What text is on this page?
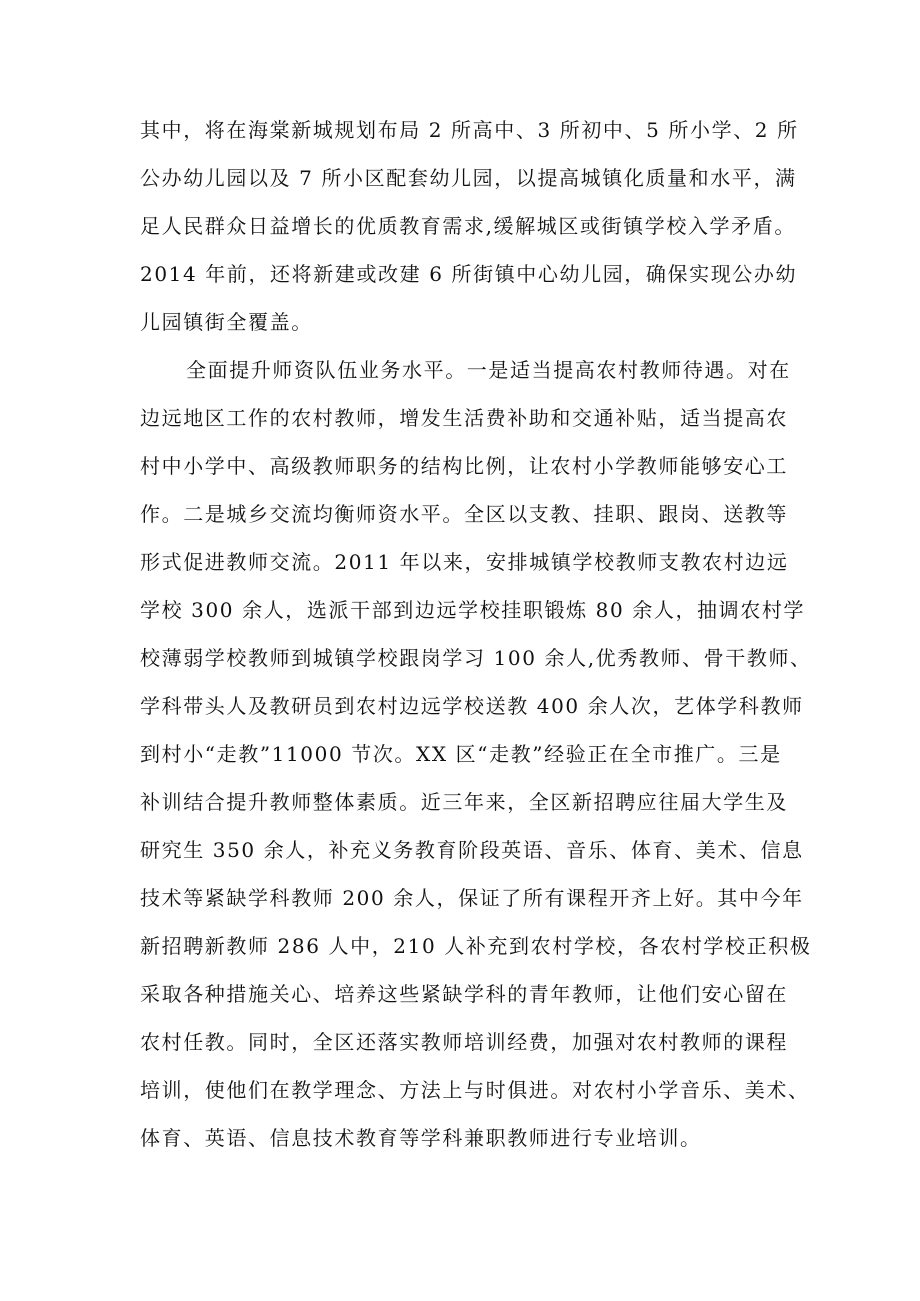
其中，将在海棠新城规划布局 2 所高中、3 所初中、5 所小学、2 所
公办幼儿园以及 7 所小区配套幼儿园，以提高城镇化质量和水平，满
足人民群众日益增长的优质教育需求,缓解城区或街镇学校入学矛盾。
2014 年前，还将新建或改建 6 所街镇中心幼儿园，确保实现公办幼
儿园镇街全覆盖。
全面提升师资队伍业务水平。一是适当提高农村教师待遇。对在
边远地区工作的农村教师，增发生活费补助和交通补贴，适当提高农
村中小学中、高级教师职务的结构比例，让农村小学教师能够安心工
作。二是城乡交流均衡师资水平。全区以支教、挂职、跟岗、送教等
形式促进教师交流。2011 年以来，安排城镇学校教师支教农村边远
学校 300 余人，选派干部到边远学校挂职锻炼 80 余人，抽调农村学
校薄弱学校教师到城镇学校跟岗学习 100 余人,优秀教师、骨干教师、
学科带头人及教研员到农村边远学校送教 400 余人次，艺体学科教师
到村小“走教”11000 节次。XX 区“走教”经验正在全市推广。三是
补训结合提升教师整体素质。近三年来，全区新招聘应往届大学生及
研究生 350 余人，补充义务教育阶段英语、音乐、体育、美术、信息
技术等紧缺学科教师 200 余人，保证了所有课程开齐上好。其中今年
新招聘新教师 286 人中，210 人补充到农村学校，各农村学校正积极
采取各种措施关心、培养这些紧缺学科的青年教师，让他们安心留在
农村任教。同时，全区还落实教师培训经费，加强对农村教师的课程
培训，使他们在教学理念、方法上与时俱进。对农村小学音乐、美术、
体育、英语、信息技术教育等学科兼职教师进行专业培训。
